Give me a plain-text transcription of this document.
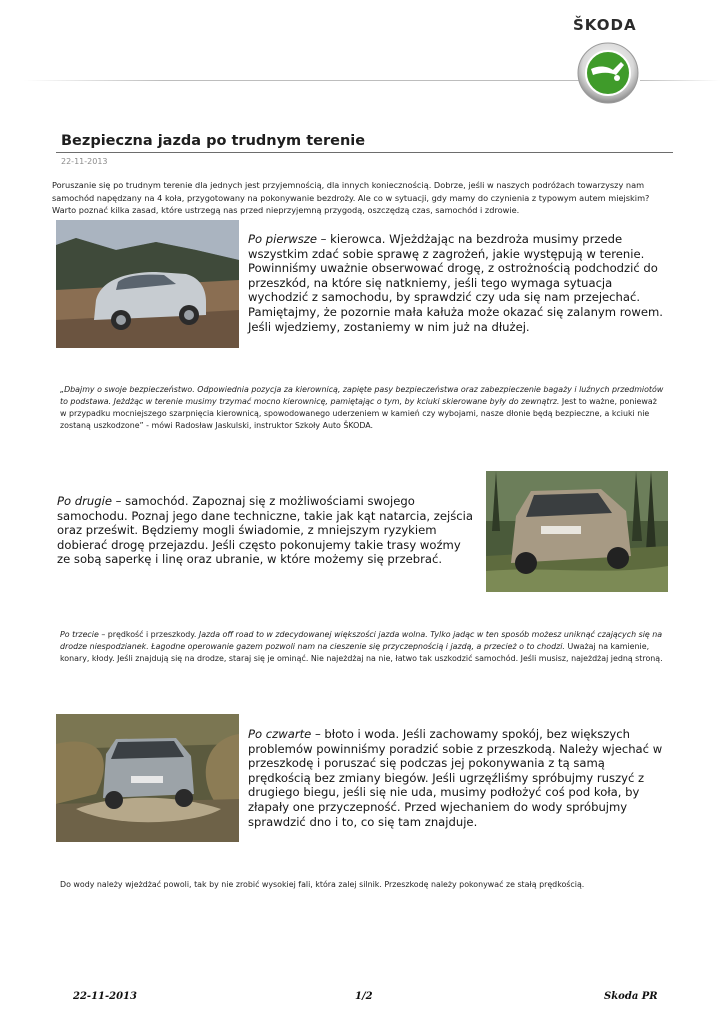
ŠKODA
Bezpieczna jazda po trudnym terenie
22-11-2013
Poruszanie się po trudnym terenie dla jednych jest przyjemnością, dla innych koniecznością. Dobrze, jeśli w naszych podróżach towarzyszy nam samochód napędzany na 4 koła, przygotowany na pokonywanie bezdroży. Ale co w sytuacji, gdy mamy do czynienia z typowym autem miejskim? Warto poznać kilka zasad, które ustrzegą nas przed nieprzyjemną przygodą, oszczędzą czas, samochód i zdrowie.
Po pierwsze – kierowca. Wjeżdżając na bezdroża musimy przede wszystkim zdać sobie sprawę z zagrożeń, jakie występują w terenie. Powinniśmy uważnie obserwować drogę, z ostrożnością podchodzić do przeszkód, na które się natkniemy, jeśli tego wymaga sytuacja wychodzić z samochodu, by sprawdzić czy uda się nam przejechać. Pamiętajmy, że pozornie mała kałuża może okazać się zalanym rowem. Jeśli wjedziemy, zostaniemy w nim już na dłużej.
„Dbajmy o swoje bezpieczeństwo. Odpowiednia pozycja za kierownicą, zapięte pasy bezpieczeństwa oraz zabezpieczenie bagaży i luźnych przedmiotów to podstawa. Jeżdżąc w terenie musimy trzymać mocno kierownicę, pamiętając o tym, by kciuki skierowane były do zewnątrz. Jest to ważne, ponieważ w przypadku mocniejszego szarpnięcia kierownicą, spowodowanego uderzeniem w kamień czy wybojami, nasze dłonie będą bezpieczne, a kciuki nie zostaną uszkodzone” - mówi Radosław Jaskulski, instruktor Szkoły Auto ŠKODA.
Po drugie – samochód. Zapoznaj się z możliwościami swojego samochodu. Poznaj jego dane techniczne, takie jak kąt natarcia, zejścia oraz prześwit. Będziemy mogli świadomie, z mniejszym ryzykiem dobierać drogę przejazdu. Jeśli często pokonujemy takie trasy woźmy ze sobą saperkę i linę oraz ubranie, w które możemy się przebrać.
Po trzecie – prędkość i przeszkody. Jazda off road to w zdecydowanej większości jazda wolna. Tylko jadąc w ten sposób możesz uniknąć czających się na drodze niespodzianek. Łagodne operowanie gazem pozwoli nam na cieszenie się przyczepnością i jazdą, a przecież o to chodzi. Uważaj na kamienie, konary, kłody. Jeśli znajdują się na drodze, staraj się je ominąć. Nie najeżdżaj na nie, łatwo tak uszkodzić samochód. Jeśli musisz, najeżdżaj jedną stroną.
Po czwarte – błoto i woda. Jeśli zachowamy spokój, bez większych problemów powinniśmy poradzić sobie z przeszkodą. Należy wjechać w przeszkodę i poruszać się podczas jej pokonywania z tą samą prędkością bez zmiany biegów. Jeśli ugrzęźliśmy spróbujmy ruszyć z drugiego biegu, jeśli się nie uda, musimy podłożyć coś pod koła, by złapały one przyczepność. Przed wjechaniem do wody spróbujmy sprawdzić dno i to, co się tam znajduje.
Do wody należy wjeżdżać powoli, tak by nie zrobić wysokiej fali, która zalej silnik. Przeszkodę należy pokonywać ze stałą prędkością.
22-11-2013	1/2	Skoda PR
